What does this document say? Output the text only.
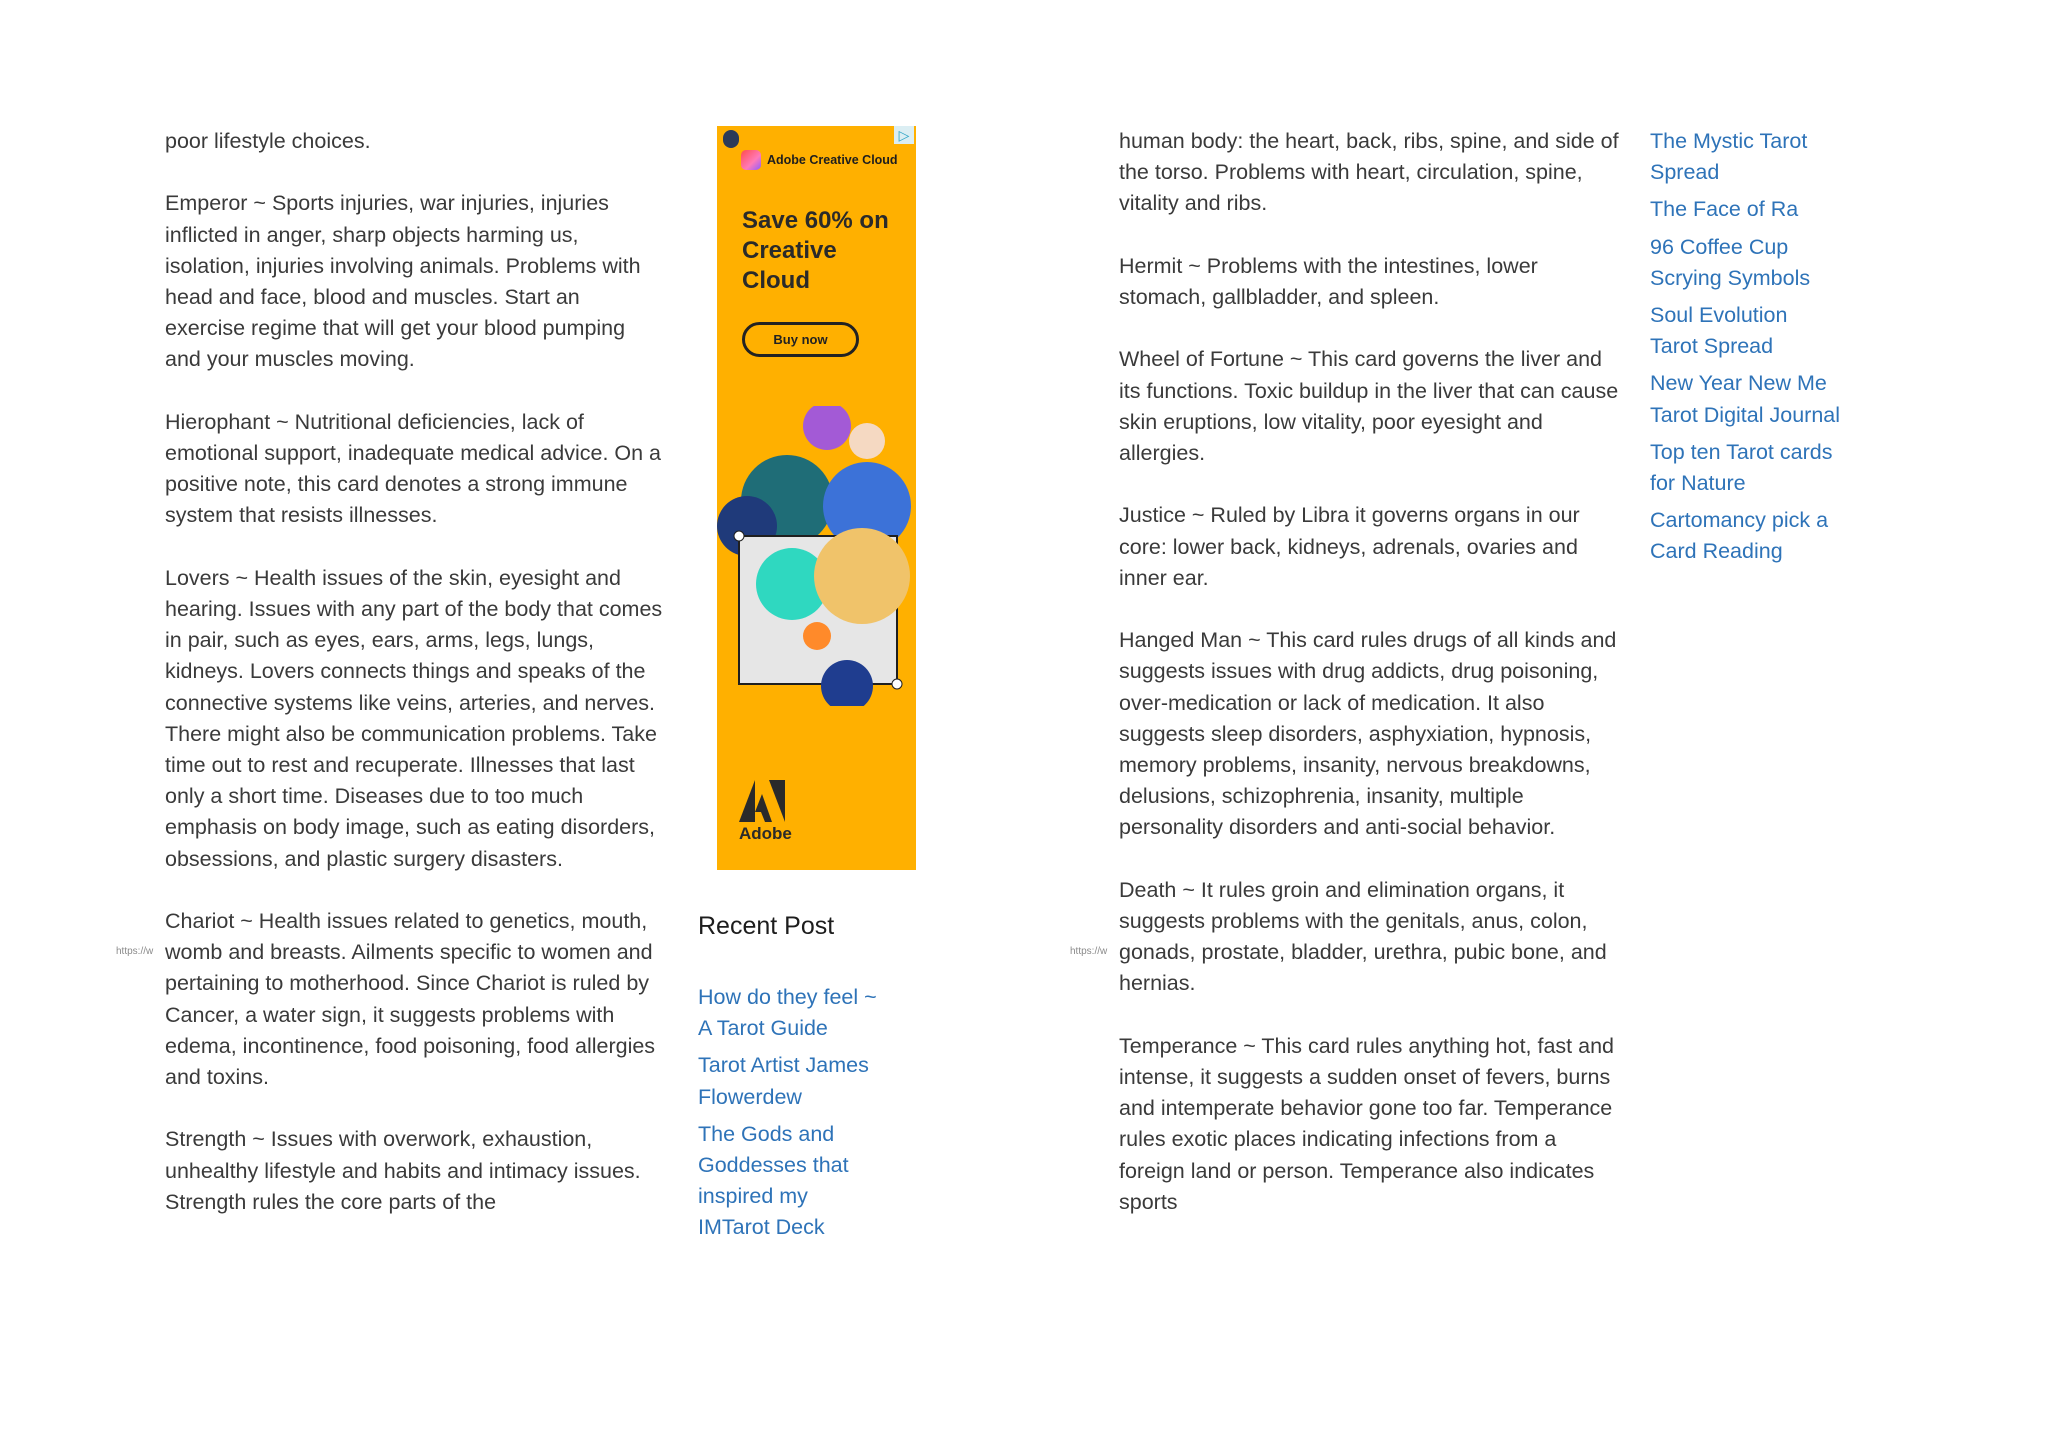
poor lifestyle choices.

Emperor ~ Sports injuries, war injuries, injuries inflicted in anger, sharp objects harming us, isolation, injuries involving animals. Problems with head and face, blood and muscles. Start an exercise regime that will get your blood pumping and your muscles moving.

Hierophant ~ Nutritional deficiencies, lack of emotional support, inadequate medical advice. On a positive note, this card denotes a strong immune system that resists illnesses.

Lovers ~ Health issues of the skin, eyesight and hearing. Issues with any part of the body that comes in pair, such as eyes, ears, arms, legs, lungs, kidneys. Lovers connects things and speaks of the connective systems like veins, arteries, and nerves. There might also be communication problems. Take time out to rest and recuperate. Illnesses that last only a short time. Diseases due to too much emphasis on body image, such as eating disorders, obsessions, and plastic surgery disasters.

Chariot ~ Health issues related to genetics, mouth, womb and breasts. Ailments specific to women and pertaining to motherhood. Since Chariot is ruled by Cancer, a water sign, it suggests problems with edema, incontinence, food poisoning, food allergies and toxins.

Strength ~ Issues with overwork, exhaustion, unhealthy lifestyle and habits and intimacy issues. Strength rules the core parts of the

▷
Adobe Creative Cloud
Save 60% on Creative Cloud
Buy now
Adobe
https://w
Recent Post
How do they feel ~ A Tarot Guide
Tarot Artist James Flowerdew
The Gods and Goddesses that inspired my IMTarot Deck

human body: the heart, back, ribs, spine, and side of the torso. Problems with heart, circulation, spine, vitality and ribs.

Hermit ~ Problems with the intestines, lower stomach, gallbladder, and spleen.

Wheel of Fortune ~ This card governs the liver and its functions. Toxic buildup in the liver that can cause skin eruptions, low vitality, poor eyesight and allergies.

Justice ~ Ruled by Libra it governs organs in our core: lower back, kidneys, adrenals, ovaries and inner ear.

Hanged Man ~ This card rules drugs of all kinds and suggests issues with drug addicts, drug poisoning, over-medication or lack of medication. It also suggests sleep disorders, asphyxiation, hypnosis, memory problems, insanity, nervous breakdowns, delusions, schizophrenia, insanity, multiple personality disorders and anti-social behavior.

Death ~ It rules groin and elimination organs, it suggests problems with the genitals, anus, colon, gonads, prostate, bladder, urethra, pubic bone, and hernias.

Temperance ~ This card rules anything hot, fast and intense, it suggests a sudden onset of fevers, burns and intemperate behavior gone too far. Temperance rules exotic places indicating infections from a foreign land or person. Temperance also indicates sports

https://w
The Mystic Tarot Spread
The Face of Ra
96 Coffee Cup Scrying Symbols
Soul Evolution Tarot Spread
New Year New Me Tarot Digital Journal
Top ten Tarot cards for Nature
Cartomancy pick a Card Reading
